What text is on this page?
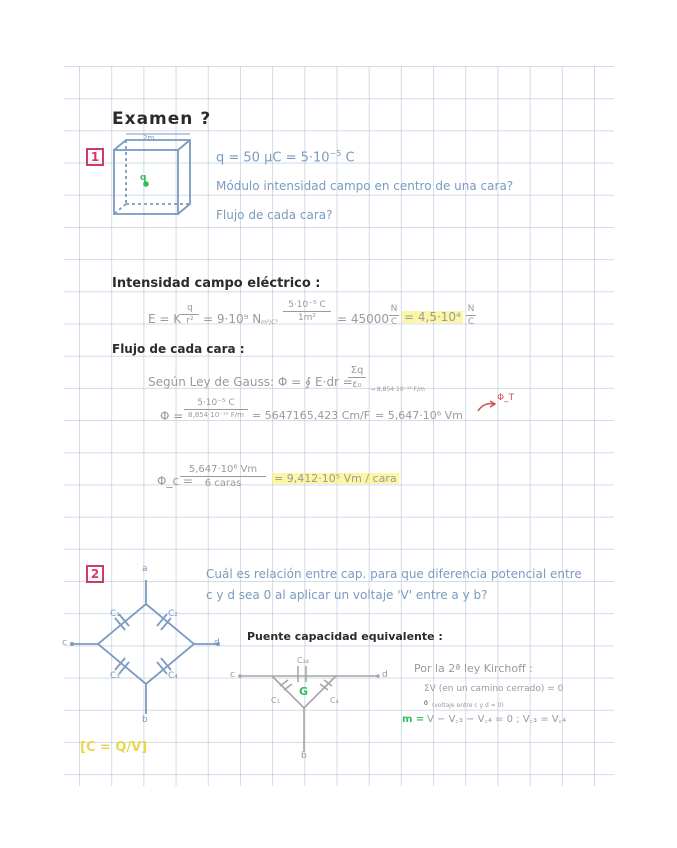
Examen ?
1
2m
q
q = 50 $\mu C = 5\cdot 10^{-5}$ C
Módulo intensidad campo en centro de una cara?
Flujo de cada cara?
Intensidad campo eléctrico :
E = K
q
r² = 9·10⁹ N m²/C²
5·10⁻⁵ C
1m²	= 45000
N
C = 4,5·10⁴
N
C
Flujo de cada cara :
Según Ley de Gauss: Φ = ∮ E·dr =
Σq
ε₀	→ 8,854·10⁻¹² F/m
Φ =
5·10⁻⁵ C
8,854·10⁻¹² F/m = 5647165,423 Cm/F = 5,647·10⁶ Vm
Φ_T
Φ_c =
5,647·10⁶ Vm
6 caras	= 9,412·10⁵ Vm / cara
2	Cuál es relación entre cap. para que diferencia potencial entre
c y d sea 0 al aplicar un voltaje 'V' entre a y b?
a
b
c	d
C₁	C₂
C₃	C₄
[C = Q/V]
Puente capacidad equivalente :
c	d
b
C₃₄
C₁	C₄
G
Por la 2ª ley Kirchoff :
ΣV (en un camino cerrado) = 0
0 (voltaje entre c y d = 0)
m = V − V꜀₃ − V꜀₄ = 0 ; V꜀₃ = V꜀₄
